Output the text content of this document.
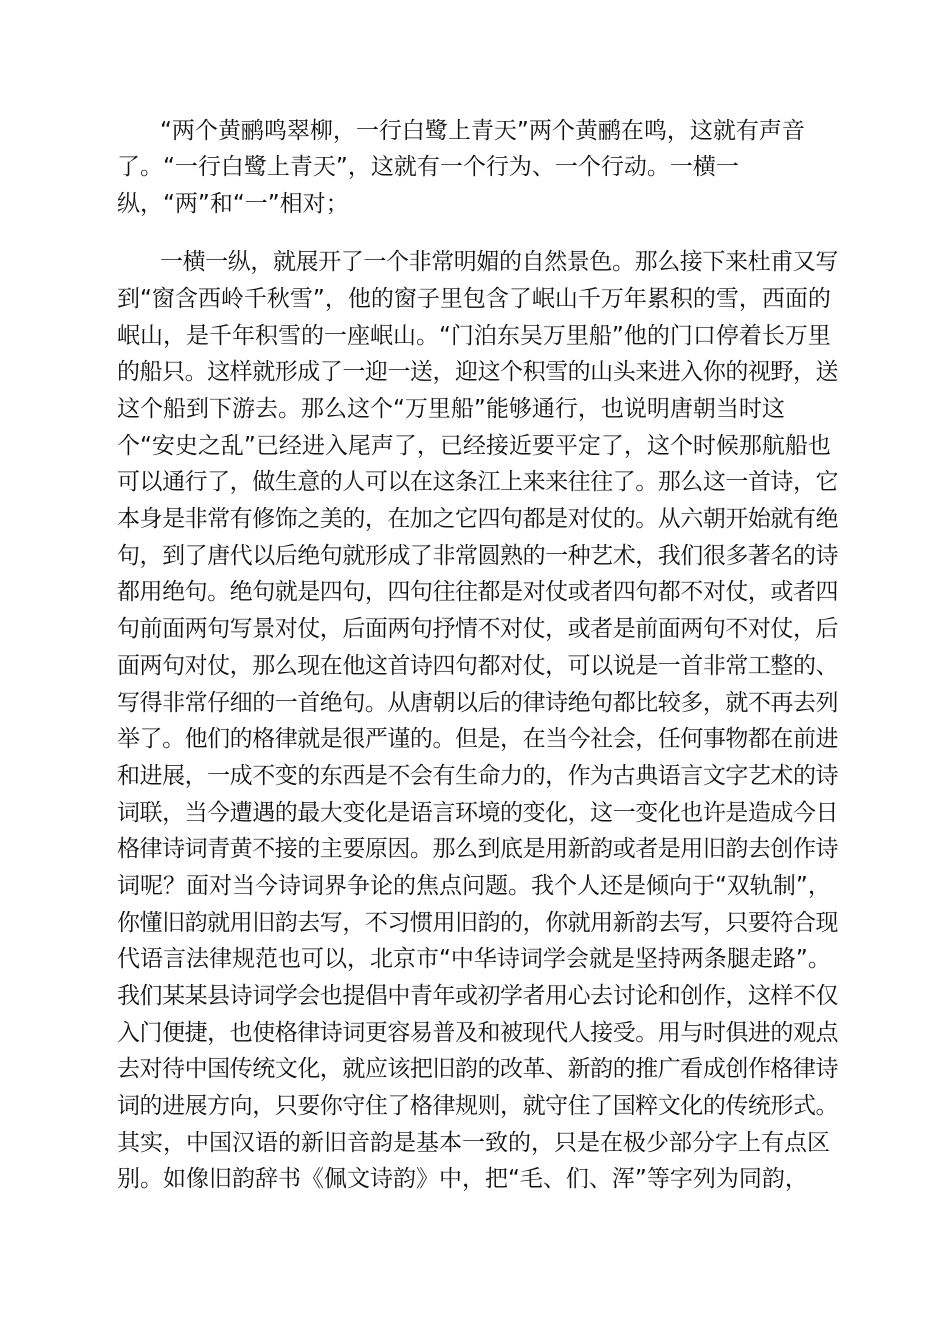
“两个黄鹂鸣翠柳，一行白鹭上青天”两个黄鹂在鸣，这就有声音
了。“一行白鹭上青天”，这就有一个行为、一个行动。一横一
纵，“两”和“一”相对；
一横一纵，就展开了一个非常明媚的自然景色。那么接下来杜甫又写
到“窗含西岭千秋雪”，他的窗子里包含了岷山千万年累积的雪，西面的
岷山，是千年积雪的一座岷山。“门泊东吴万里船”他的门口停着长万里
的船只。这样就形成了一迎一送，迎这个积雪的山头来进入你的视野，送
这个船到下游去。那么这个“万里船”能够通行，也说明唐朝当时这
个“安史之乱”已经进入尾声了，已经接近要平定了，这个时候那航船也
可以通行了，做生意的人可以在这条江上来来往往了。那么这一首诗，它
本身是非常有修饰之美的，在加之它四句都是对仗的。从六朝开始就有绝
句，到了唐代以后绝句就形成了非常圆熟的一种艺术，我们很多著名的诗
都用绝句。绝句就是四句，四句往往都是对仗或者四句都不对仗，或者四
句前面两句写景对仗，后面两句抒情不对仗，或者是前面两句不对仗，后
面两句对仗，那么现在他这首诗四句都对仗，可以说是一首非常工整的、
写得非常仔细的一首绝句。从唐朝以后的律诗绝句都比较多，就不再去列
举了。他们的格律就是很严谨的。但是，在当今社会，任何事物都在前进
和进展，一成不变的东西是不会有生命力的，作为古典语言文字艺术的诗
词联，当今遭遇的最大变化是语言环境的变化，这一变化也许是造成今日
格律诗词青黄不接的主要原因。那么到底是用新韵或者是用旧韵去创作诗
词呢？面对当今诗词界争论的焦点问题。我个人还是倾向于“双轨制”，
你懂旧韵就用旧韵去写，不习惯用旧韵的，你就用新韵去写，只要符合现
代语言法律规范也可以，北京市“中华诗词学会就是坚持两条腿走路”。
我们某某县诗词学会也提倡中青年或初学者用心去讨论和创作，这样不仅
入门便捷，也使格律诗词更容易普及和被现代人接受。用与时俱进的观点
去对待中国传统文化，就应该把旧韵的改革、新韵的推广看成创作格律诗
词的进展方向，只要你守住了格律规则，就守住了国粹文化的传统形式。
其实，中国汉语的新旧音韵是基本一致的，只是在极少部分字上有点区
别。如像旧韵辞书《佩文诗韵》中，把“毛、们、浑”等字列为同韵，
